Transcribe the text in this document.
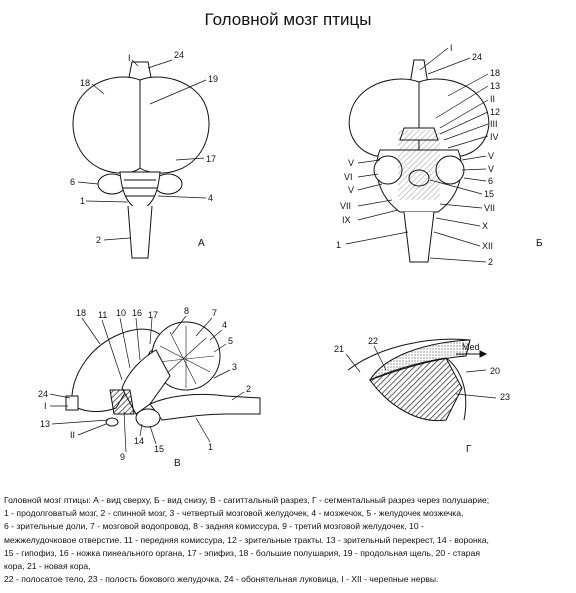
Головной мозг птицы
I	24
18	19
17
6
1	4
2	А
I
24
18
13
II
12
III
IV
V
VI
V
V
V
6
VII
15
IX
VII
1
X
XII
2
Б
18 11 10 16 17	8	7
4
5
3
2
24
I
13
II
14
15
9
1
В
21
22
Med
20
23
Г
Головной мозг птицы: А - вид сверху, Б - вид снизу, В - сагиттальный разрез, Г - сегментальный разрез через полушарие;
1 - продолговатый мозг, 2 - спинной мозг, 3 - четвертый мозговой желудочек, 4 - мозжечок, 5 - желудочек мозжечка,
6 - зрительные доли, 7 - мозговой водопровод, 8 - задняя комиссура, 9 - третий мозговой желудочек, 10 -
межжелудочковое отверстие. 11 - передняя комиссура, 12 - зрительные тракты. 13 - зрительный перекрест, 14 - воронка,
15 - гипофиз, 16 - ножка пинеального органа, 17 - эпифиз, 18 - большие полушария, 19 - продольная щель, 20 - старая
кора, 21 - новая кора,
22 - полосатое тело, 23 - полость бокового желудочка, 24 - обонятельная луковица, I - XII - черепные нервы.
